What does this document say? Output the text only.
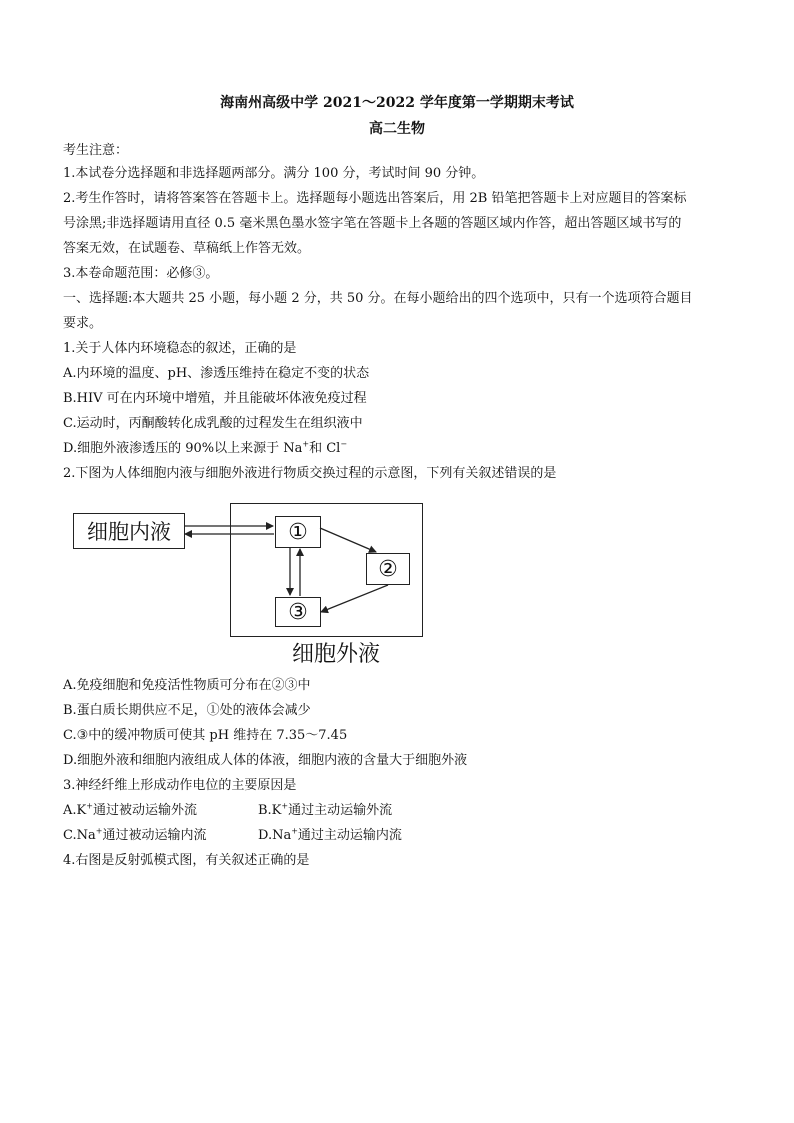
海南州高级中学 2021～2022 学年度第一学期期末考试
高二生物
考生注意：
1.本试卷分选择题和非选择题两部分。满分 100 分，考试时间 90 分钟。
2.考生作答时，请将答案答在答题卡上。选择题每小题选出答案后，用 2B 铅笔把答题卡上对应题目的答案标
号涂黑;非选择题请用直径 0.5 毫米黑色墨水签字笔在答题卡上各题的答题区域内作答，超出答题区域书写的
答案无效，在试题卷、草稿纸上作答无效。
3.本卷命题范围：必修③。
一、选择题:本大题共 25 小题，每小题 2 分，共 50 分。在每小题给出的四个选项中，只有一个选项符合题目
要求。
1.关于人体内环境稳态的叙述，正确的是
A.内环境的温度、pH、渗透压维持在稳定不变的状态
B.HIV 可在内环境中增殖，并且能破坏体液免疫过程
C.运动时，丙酮酸转化成乳酸的过程发生在组织液中
D.细胞外液渗透压的 90%以上来源于 Na+和 Cl−
2.下图为人体细胞内液与细胞外液进行物质交换过程的示意图，下列有关叙述错误的是
细胞内液	①
②
③
细胞外液
A.免疫细胞和免疫活性物质可分布在②③中
B.蛋白质长期供应不足，①处的液体会减少
C.③中的缓冲物质可使其 pH 维持在 7.35～7.45
D.细胞外液和细胞内液组成人体的体液，细胞内液的含量大于细胞外液
3.神经纤维上形成动作电位的主要原因是
A.K+通过被动运输外流	B.K+通过主动运输外流
C.Na+通过被动运输内流	D.Na+通过主动运输内流
4.右图是反射弧模式图，有关叙述正确的是
